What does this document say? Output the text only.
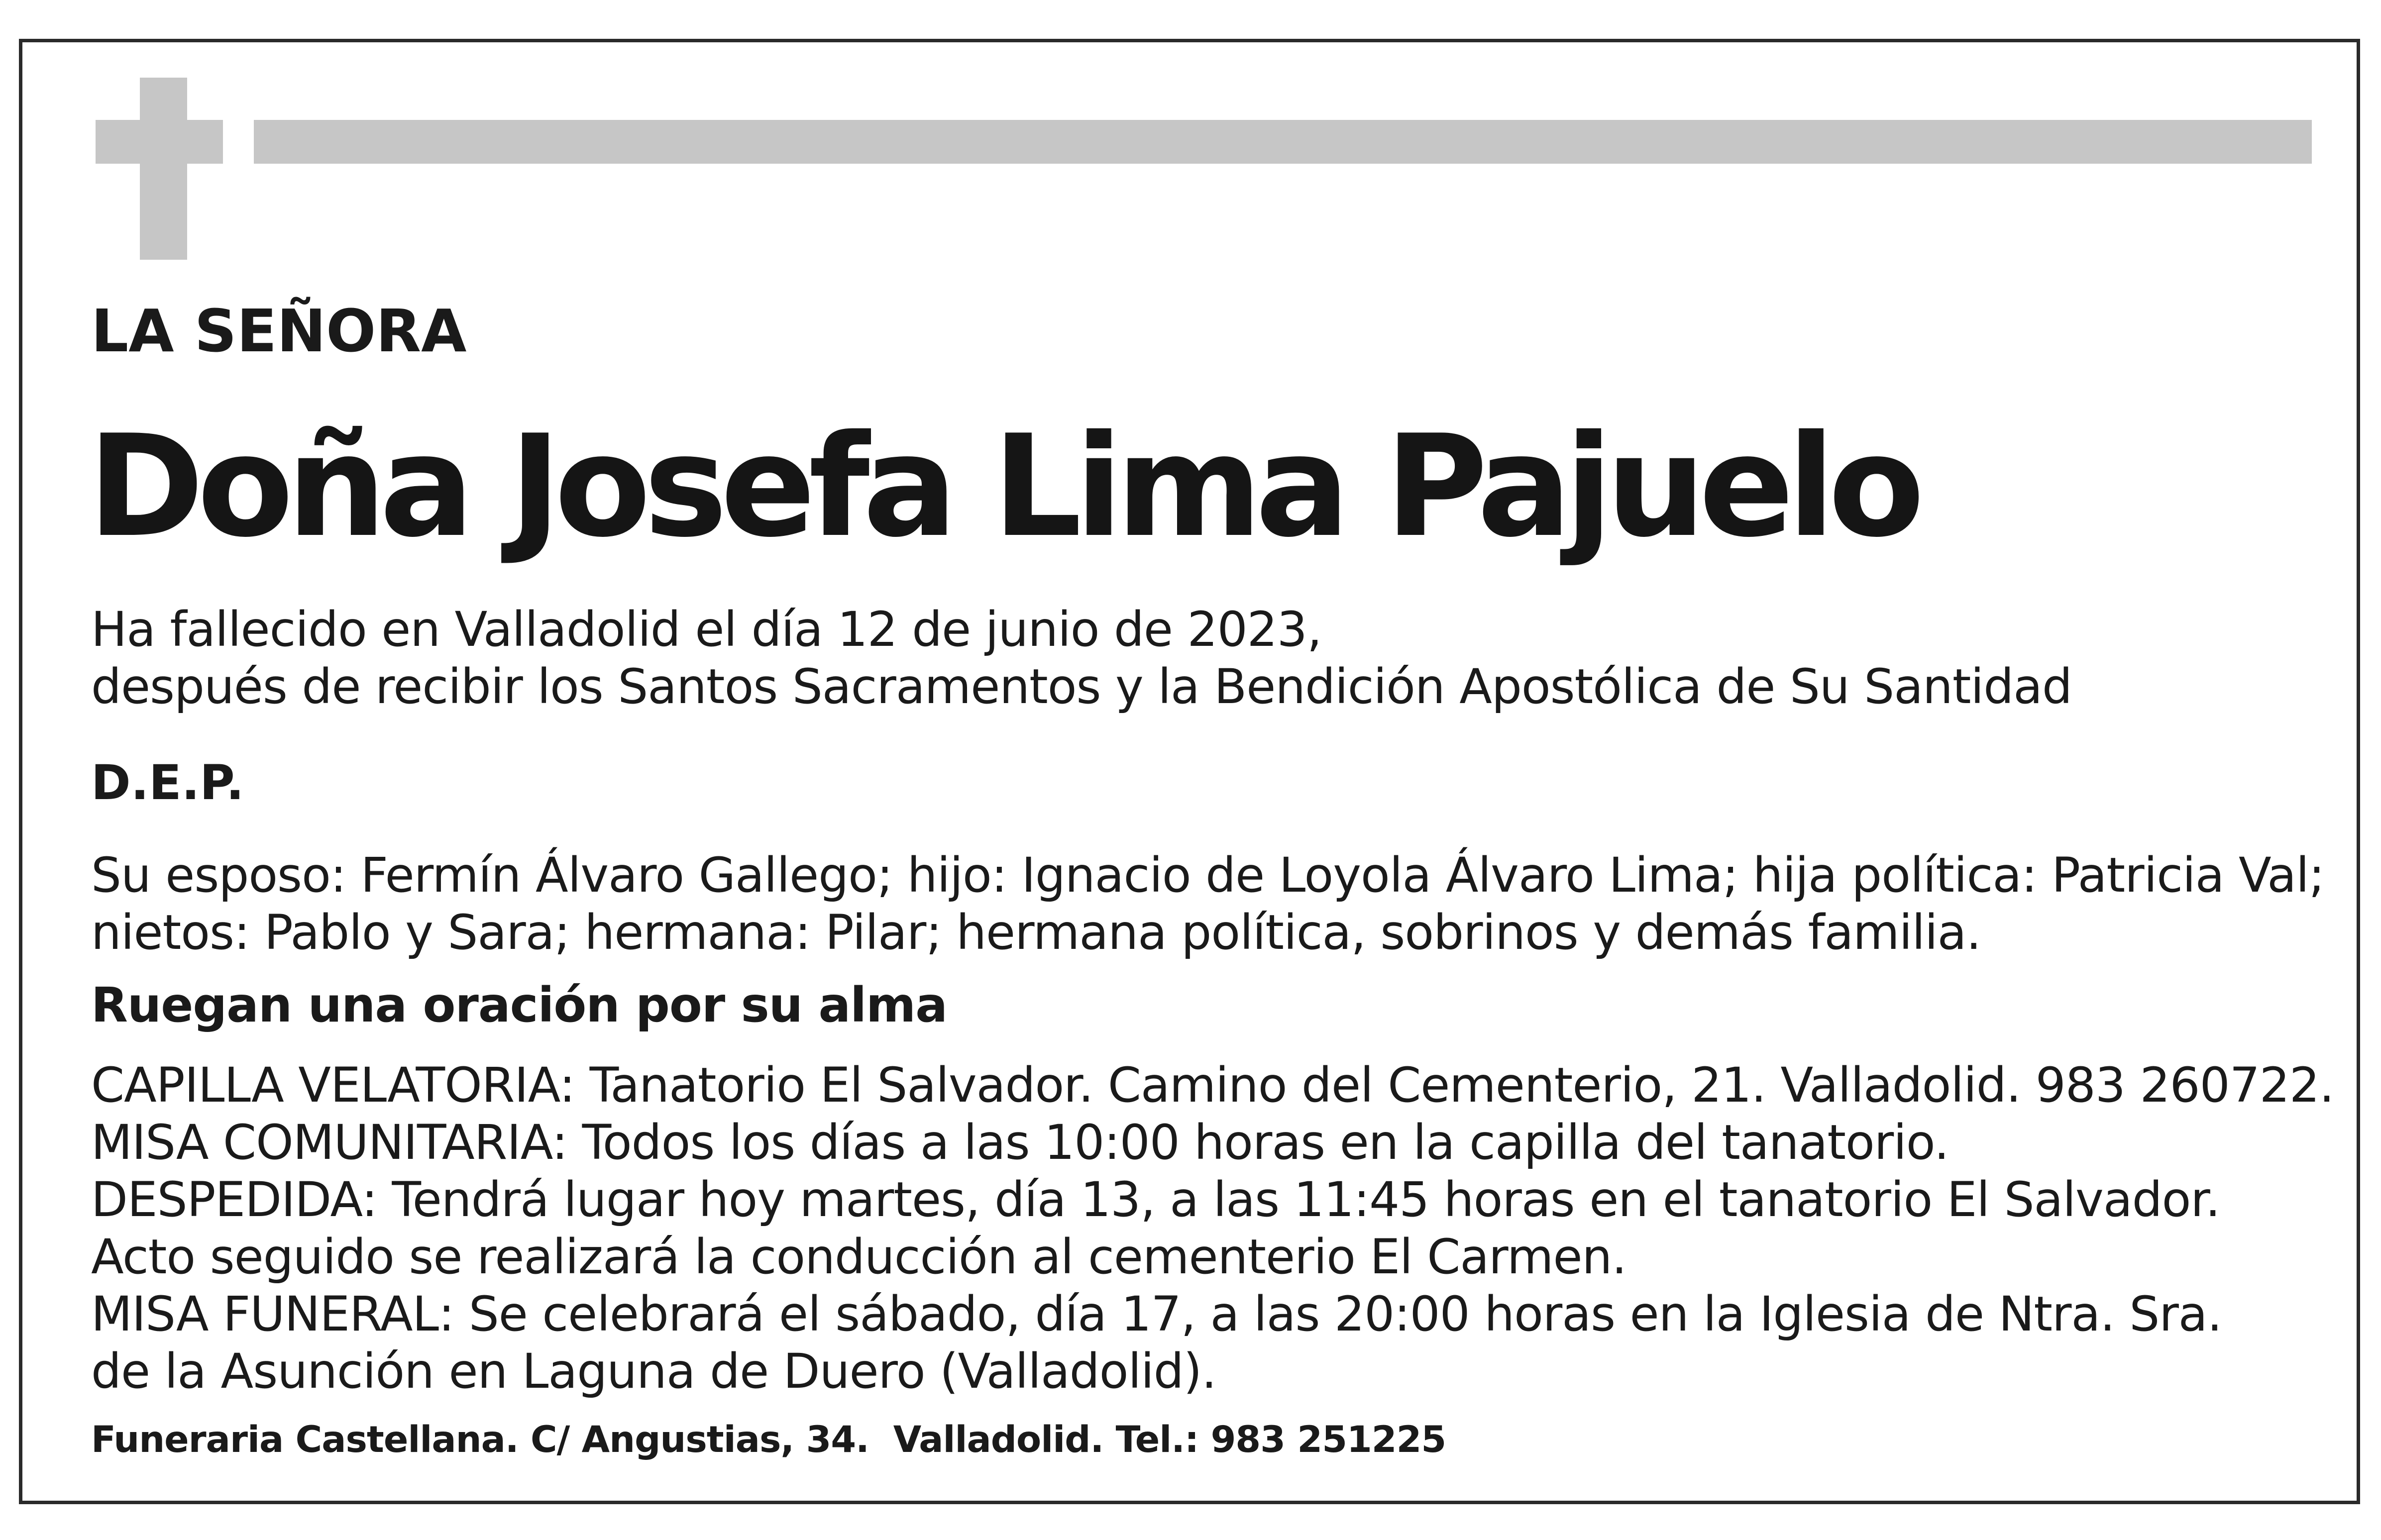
LA SEÑORA
Doña Josefa Lima Pajuelo
Ha fallecido en Valladolid el día 12 de junio de 2023,
después de recibir los Santos Sacramentos y la Bendición Apostólica de Su Santidad
D.E.P.
Su esposo: Fermín Álvaro Gallego; hijo: Ignacio de Loyola Álvaro Lima; hija política: Patricia Val;
nietos: Pablo y Sara; hermana: Pilar; hermana política, sobrinos y demás familia.
Ruegan una oración por su alma
CAPILLA VELATORIA: Tanatorio El Salvador. Camino del Cementerio, 21. Valladolid. 983 260722.
MISA COMUNITARIA: Todos los días a las 10:00 horas en la capilla del tanatorio.
DESPEDIDA: Tendrá lugar hoy martes, día 13, a las 11:45 horas en el tanatorio El Salvador.
Acto seguido se realizará la conducción al cementerio El Carmen.
MISA FUNERAL: Se celebrará el sábado, día 17, a las 20:00 horas en la Iglesia de Ntra. Sra.
de la Asunción en Laguna de Duero (Valladolid).
Funeraria Castellana. C/ Angustias, 34.  Valladolid. Tel.: 983 251225
